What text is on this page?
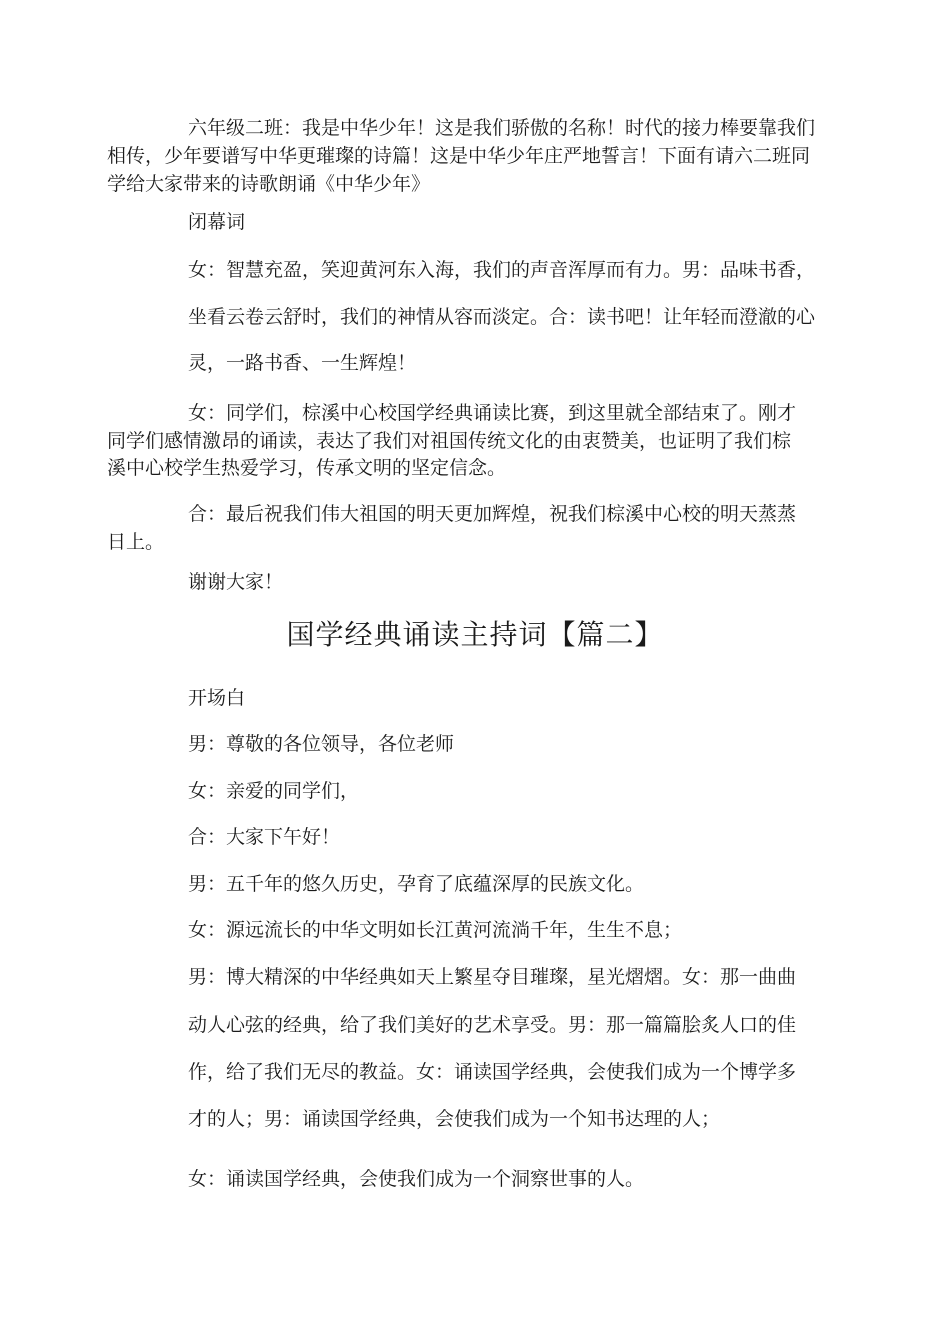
六年级二班：我是中华少年！这是我们骄傲的名称！时代的接力棒要靠我们
相传，少年要谱写中华更璀璨的诗篇！这是中华少年庄严地誓言！下面有请六二班同
学给大家带来的诗歌朗诵《中华少年》
闭幕词
女：智慧充盈，笑迎黄河东入海，我们的声音浑厚而有力。男：品味书香，
坐看云卷云舒时，我们的神情从容而淡定。合：读书吧！让年轻而澄澈的心
灵，一路书香、一生辉煌！
女：同学们，棕溪中心校国学经典诵读比赛，到这里就全部结束了。刚才
同学们感情激昂的诵读，表达了我们对祖国传统文化的由衷赞美，也证明了我们棕
溪中心校学生热爱学习，传承文明的坚定信念。
合：最后祝我们伟大祖国的明天更加辉煌，祝我们棕溪中心校的明天蒸蒸
日上。
谢谢大家！
国学经典诵读主持词【篇二】
开场白
男：尊敬的各位领导，各位老师
女：亲爱的同学们，
合：大家下午好！
男：五千年的悠久历史，孕育了底蕴深厚的民族文化。
女：源远流长的中华文明如长江黄河流淌千年，生生不息；
男：博大精深的中华经典如天上繁星夺目璀璨，星光熠熠。女：那一曲曲
动人心弦的经典，给了我们美好的艺术享受。男：那一篇篇脍炙人口的佳
作，给了我们无尽的教益。女：诵读国学经典，会使我们成为一个博学多
才的人；男：诵读国学经典，会使我们成为一个知书达理的人；
女：诵读国学经典，会使我们成为一个洞察世事的人。
